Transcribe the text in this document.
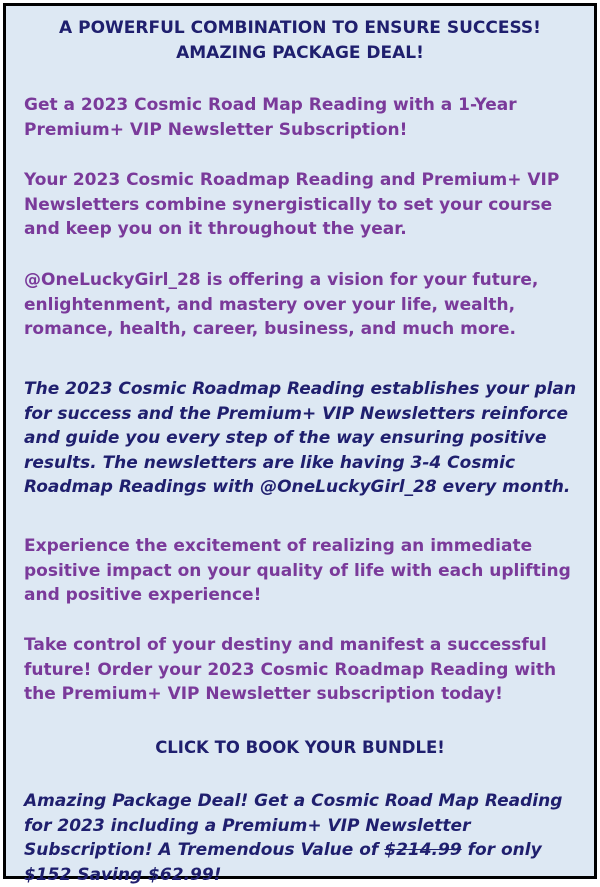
A POWERFUL COMBINATION TO ENSURE SUCCESS!
AMAZING PACKAGE DEAL!
Get a 2023 Cosmic Road Map Reading with a 1-Year Premium+ VIP Newsletter Subscription!
Your 2023 Cosmic Roadmap Reading and Premium+ VIP Newsletters combine synergistically to set your course and keep you on it throughout the year.
@OneLuckyGirl_28 is offering a vision for your future, enlightenment, and mastery over your life, wealth, romance, health, career, business, and much more.
The 2023 Cosmic Roadmap Reading establishes your plan for success and the Premium+ VIP Newsletters reinforce and guide you every step of the way ensuring positive results. The newsletters are like having 3-4 Cosmic Roadmap Readings with @OneLuckyGirl_28 every month.
Experience the excitement of realizing an immediate positive impact on your quality of life with each uplifting and positive experience!
Take control of your destiny and manifest a successful future! Order your 2023 Cosmic Roadmap Reading with the Premium+ VIP Newsletter subscription today!
CLICK TO BOOK YOUR BUNDLE!
Amazing Package Deal! Get a Cosmic Road Map Reading for 2023 including a Premium+ VIP Newsletter Subscription! A Tremendous Value of $214.99 for only $152 Saving $62.99!
